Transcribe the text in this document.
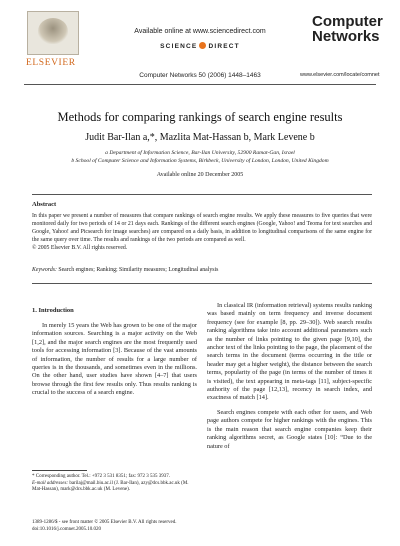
ELSEVIER
Available online at www.sciencedirect.com
SCIENCE DIRECT
Computer Networks 50 (2006) 1448–1463
Computer
Networks
www.elsevier.com/locate/comnet
Methods for comparing rankings of search engine results
Judit Bar-Ilan a,*, Mazlita Mat-Hassan b, Mark Levene b
a Department of Information Science, Bar-Ilan University, 52900 Ramat-Gan, Israel
b School of Computer Science and Information Systems, Birkbeck, University of London, London, United Kingdom
Available online 20 December 2005
Abstract
In this paper we present a number of measures that compare rankings of search engine results. We apply these measures to five queries that were monitored daily for two periods of 14 or 21 days each. Rankings of the different search engines (Google, Yahoo! and Teoma for text searches and Google, Yahoo! and Picsearch for image searches) are compared on a daily basis, in addition to longitudinal comparisons of the same engine for the same query over time. The results and rankings of the two periods are compared as well.
© 2005 Elsevier B.V. All rights reserved.
Keywords: Search engines; Ranking; Similarity measures; Longitudinal analysis
1. Introduction

In merely 15 years the Web has grown to be one of the major information sources. Searching is a major activity on the Web [1,2], and the major search engines are the most frequently used tools for accessing information [3]. Because of the vast amounts of information, the number of results for a large number of queries is in the thousands, and sometimes even in the millions. On the other hand, user studies have shown [4–7] that users browse through the first few results only. Thus results ranking is crucial to the success of a search engine.

In classical IR (information retrieval) systems results ranking was based mainly on term frequency and inverse document frequency (see for example [8, pp. 29–30]). Web search results ranking algorithms take into account additional parameters such as the number of links pointing to the given page [9,10], the anchor text of the links pointing to the page, the placement of the search terms in the document (terms occurring in the title or header may get a higher weight), the distance between the search terms, popularity of the page (in terms of the number of times it is visited), the text appearing in meta-tags [11], subject-specific authority of the page [12,13], recency in search index, and exactness of match [14].

Search engines compete with each other for users, and Web page authors compete for higher rankings with the engines. This is the main reason that search engine companies keep their ranking algorithms secret, as Google states [10]: “Due to the nature of

* Corresponding author. Tel.: +972 3 531 8351; fax: 972 3 535 3937.
E-mail addresses: barilaj@mail.biu.ac.il (J. Bar-Ilan), azy@dcs.bbk.ac.uk (M. Mat-Hassan), mark@dcs.bbk.ac.uk (M. Levene).
1389-1286/$ - see front matter © 2005 Elsevier B.V. All rights reserved.
doi:10.1016/j.comnet.2005.10.020
